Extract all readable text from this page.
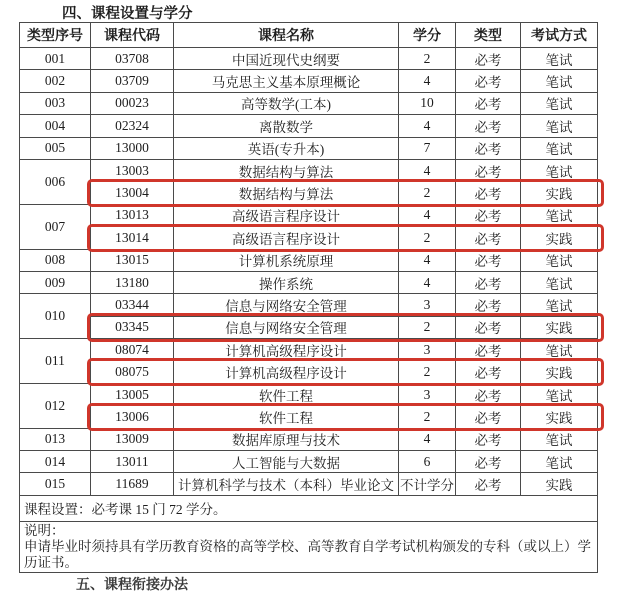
四、课程设置与学分
类型序号	课程代码	课程名称	学分	类型	考试方式
001	03708	中国近现代史纲要	2	必考	笔试
002	03709	马克思主义基本原理概论	4	必考	笔试
003	00023	高等数学(工本)	10	必考	笔试
004	02324	离散数学	4	必考	笔试
005	13000	英语(专升本)	7	必考	笔试
006	13003	数据结构与算法	4	必考	笔试
	13004	数据结构与算法	2	必考	实践
007	13013	高级语言程序设计	4	必考	笔试
	13014	高级语言程序设计	2	必考	实践
008	13015	计算机系统原理	4	必考	笔试
009	13180	操作系统	4	必考	笔试
010	03344	信息与网络安全管理	3	必考	笔试
	03345	信息与网络安全管理	2	必考	实践
011	08074	计算机高级程序设计	3	必考	笔试
	08075	计算机高级程序设计	2	必考	实践
012	13005	软件工程	3	必考	笔试
	13006	软件工程	2	必考	实践
013	13009	数据库原理与技术	4	必考	笔试
014	13011	人工智能与大数据	6	必考	笔试
015	11689	计算机科学与技术（本科）毕业论文	不计学分	必考	实践
课程设置：必考课 15 门 72 学分。					

说明：
申请毕业时须持具有学历教育资格的高等学校、高等教育自学考试机构颁发的专科（或以上）学历证书。					
五、课程衔接办法
